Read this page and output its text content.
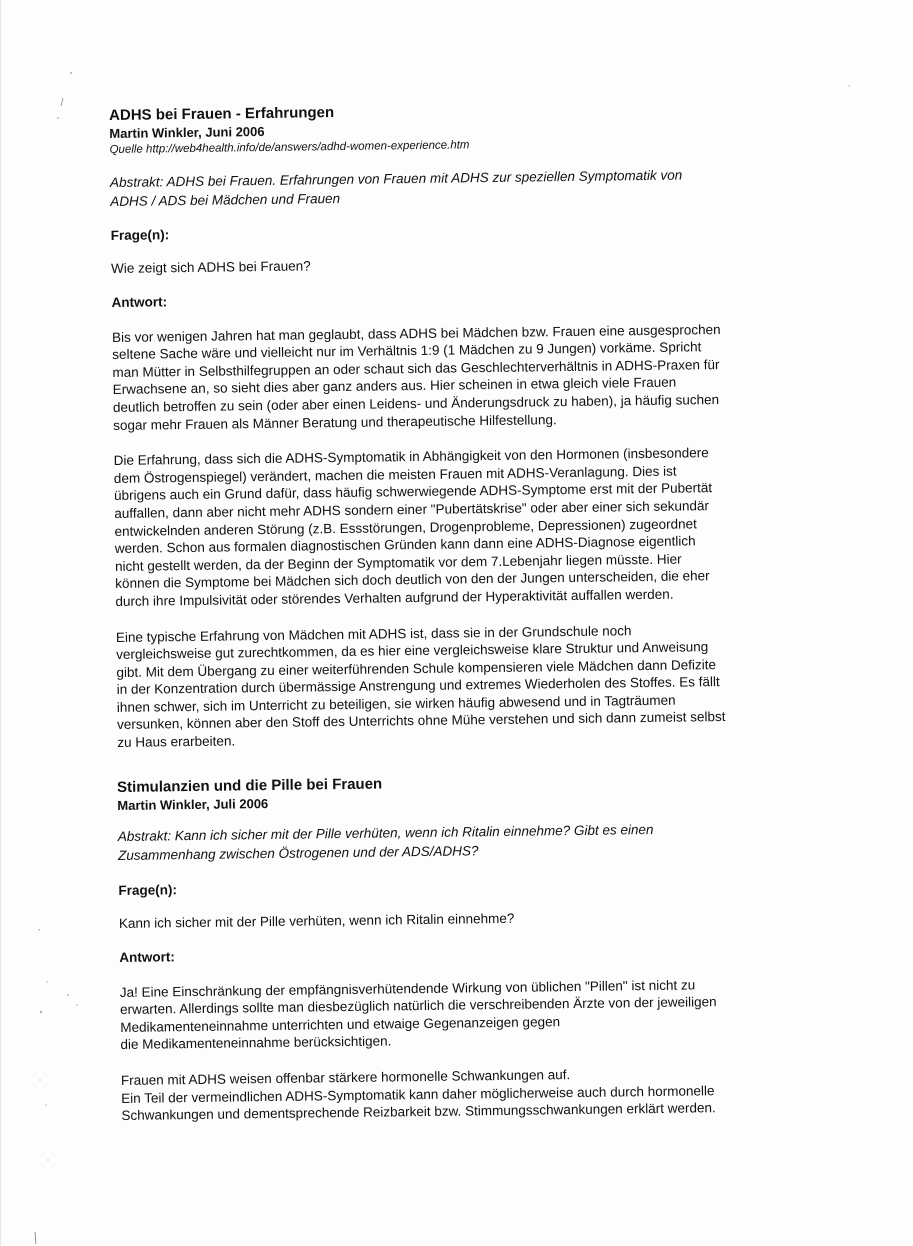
ADHS bei Frauen - Erfahrungen

Martin Winkler, Juni 2006

Quelle http://web4health.info/de/answers/adhd-women-experience.htm

Abstrakt: ADHS bei Frauen. Erfahrungen von Frauen mit ADHS zur speziellen Symptomatik von
ADHS / ADS bei Mädchen und Frauen

Frage(n):

Wie zeigt sich ADHS bei Frauen?

Antwort:

Bis vor wenigen Jahren hat man geglaubt, dass ADHS bei Mädchen bzw. Frauen eine ausgesprochen
seltene Sache wäre und vielleicht nur im Verhältnis 1:9 (1 Mädchen zu 9 Jungen) vorkäme. Spricht
man Mütter in Selbsthilfegruppen an oder schaut sich das Geschlechterverhältnis in ADHS-Praxen für
Erwachsene an, so sieht dies aber ganz anders aus. Hier scheinen in etwa gleich viele Frauen
deutlich betroffen zu sein (oder aber einen Leidens- und Änderungsdruck zu haben), ja häufig suchen
sogar mehr Frauen als Männer Beratung und therapeutische Hilfestellung.
Die Erfahrung, dass sich die ADHS-Symptomatik in Abhängigkeit von den Hormonen (insbesondere
dem Östrogenspiegel) verändert, machen die meisten Frauen mit ADHS-Veranlagung. Dies ist
übrigens auch ein Grund dafür, dass häufig schwerwiegende ADHS-Symptome erst mit der Pubertät
auffallen, dann aber nicht mehr ADHS sondern einer "Pubertätskrise" oder aber einer sich sekundär
entwickelnden anderen Störung (z.B. Essstörungen, Drogenprobleme, Depressionen) zugeordnet
werden. Schon aus formalen diagnostischen Gründen kann dann eine ADHS-Diagnose eigentlich
nicht gestellt werden, da der Beginn der Symptomatik vor dem 7.Lebenjahr liegen müsste. Hier
können die Symptome bei Mädchen sich doch deutlich von den der Jungen unterscheiden, die eher
durch ihre Impulsivität oder störendes Verhalten aufgrund der Hyperaktivität auffallen werden.
Eine typische Erfahrung von Mädchen mit ADHS ist, dass sie in der Grundschule noch
vergleichsweise gut zurechtkommen, da es hier eine vergleichsweise klare Struktur und Anweisung
gibt. Mit dem Übergang zu einer weiterführenden Schule kompensieren viele Mädchen dann Defizite
in der Konzentration durch übermässige Anstrengung und extremes Wiederholen des Stoffes. Es fällt
ihnen schwer, sich im Unterricht zu beteiligen, sie wirken häufig abwesend und in Tagträumen
versunken, können aber den Stoff des Unterrichts ohne Mühe verstehen und sich dann zumeist selbst
zu Haus erarbeiten.

Stimulanzien und die Pille bei Frauen

Martin Winkler, Juli 2006

Abstrakt: Kann ich sicher mit der Pille verhüten, wenn ich Ritalin einnehme? Gibt es einen
Zusammenhang zwischen Östrogenen und der ADS/ADHS?

Frage(n):

Kann ich sicher mit der Pille verhüten, wenn ich Ritalin einnehme?

Antwort:

Ja! Eine Einschränkung der empfängnisverhütendende Wirkung von üblichen "Pillen" ist nicht zu
erwarten. Allerdings sollte man diesbezüglich natürlich die verschreibenden Ärzte von der jeweiligen
Medikamenteneinnahme unterrichten und etwaige Gegenanzeigen gegen
die Medikamenteneinnahme berücksichtigen.
Frauen mit ADHS weisen offenbar stärkere hormonelle Schwankungen auf.
Ein Teil der vermeindlichen ADHS-Symptomatik kann daher möglicherweise auch durch hormonelle
Schwankungen und dementsprechende Reizbarkeit bzw. Stimmungsschwankungen erklärt werden.
